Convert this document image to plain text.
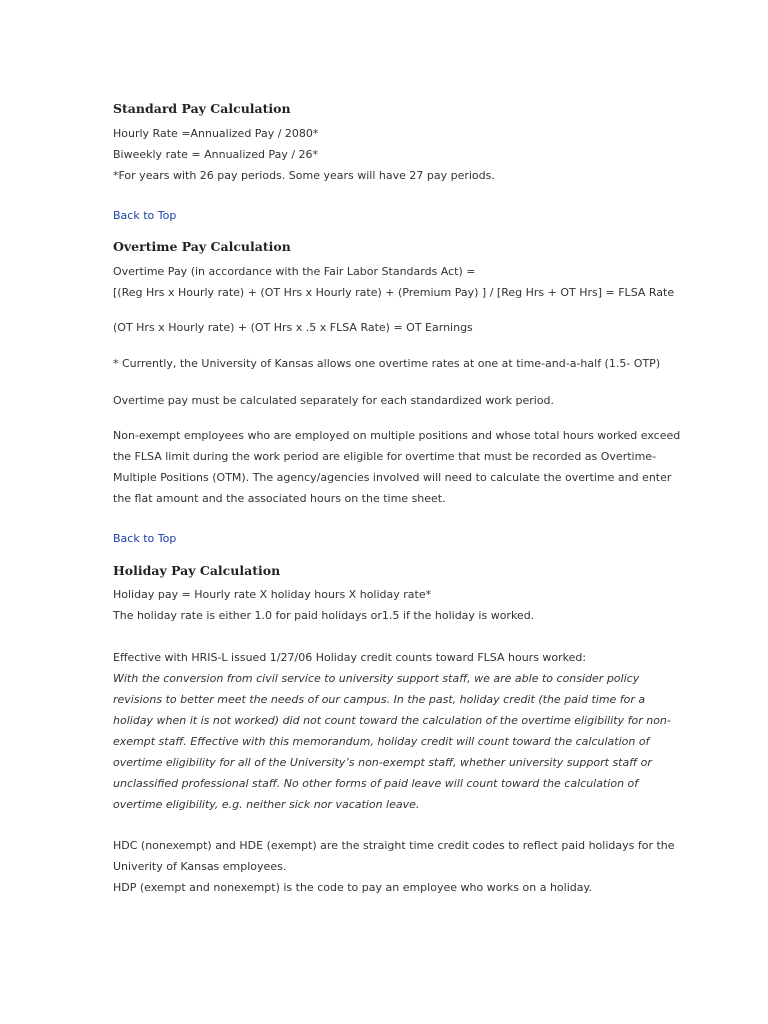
Standard Pay Calculation
Hourly Rate =Annualized Pay / 2080*
Biweekly rate = Annualized Pay / 26*
*For years with 26 pay periods. Some years will have 27 pay periods.
Back to Top
Overtime Pay Calculation
Overtime Pay (in accordance with the Fair Labor Standards Act) =
[(Reg Hrs x Hourly rate) + (OT Hrs x Hourly rate) + (Premium Pay) ] / [Reg Hrs + OT Hrs] = FLSA Rate
(OT Hrs x Hourly rate) + (OT Hrs x .5 x FLSA Rate) = OT Earnings
* Currently, the University of Kansas allows one overtime rates at one at time-and-a-half (1.5- OTP)
Overtime pay must be calculated separately for each standardized work period.
Non-exempt employees who are employed on multiple positions and whose total hours worked exceed
the FLSA limit during the work period are eligible for overtime that must be recorded as Overtime-
Multiple Positions (OTM). The agency/agencies involved will need to calculate the overtime and enter
the flat amount and the associated hours on the time sheet.
Back to Top
Holiday Pay Calculation
Holiday pay = Hourly rate X holiday hours X holiday rate*
The holiday rate is either 1.0 for paid holidays or1.5 if the holiday is worked.
Effective with HRIS-L issued 1/27/06 Holiday credit counts toward FLSA hours worked:
With the conversion from civil service to university support staff, we are able to consider policy
revisions to better meet the needs of our campus. In the past, holiday credit (the paid time for a
holiday when it is not worked) did not count toward the calculation of the overtime eligibility for non-
exempt staff. Effective with this memorandum, holiday credit will count toward the calculation of
overtime eligibility for all of the University’s non-exempt staff, whether university support staff or
unclassified professional staff. No other forms of paid leave will count toward the calculation of
overtime eligibility, e.g. neither sick nor vacation leave.
HDC (nonexempt) and HDE (exempt) are the straight time credit codes to reflect paid holidays for the
Univerity of Kansas employees.
HDP (exempt and nonexempt) is the code to pay an employee who works on a holiday.
